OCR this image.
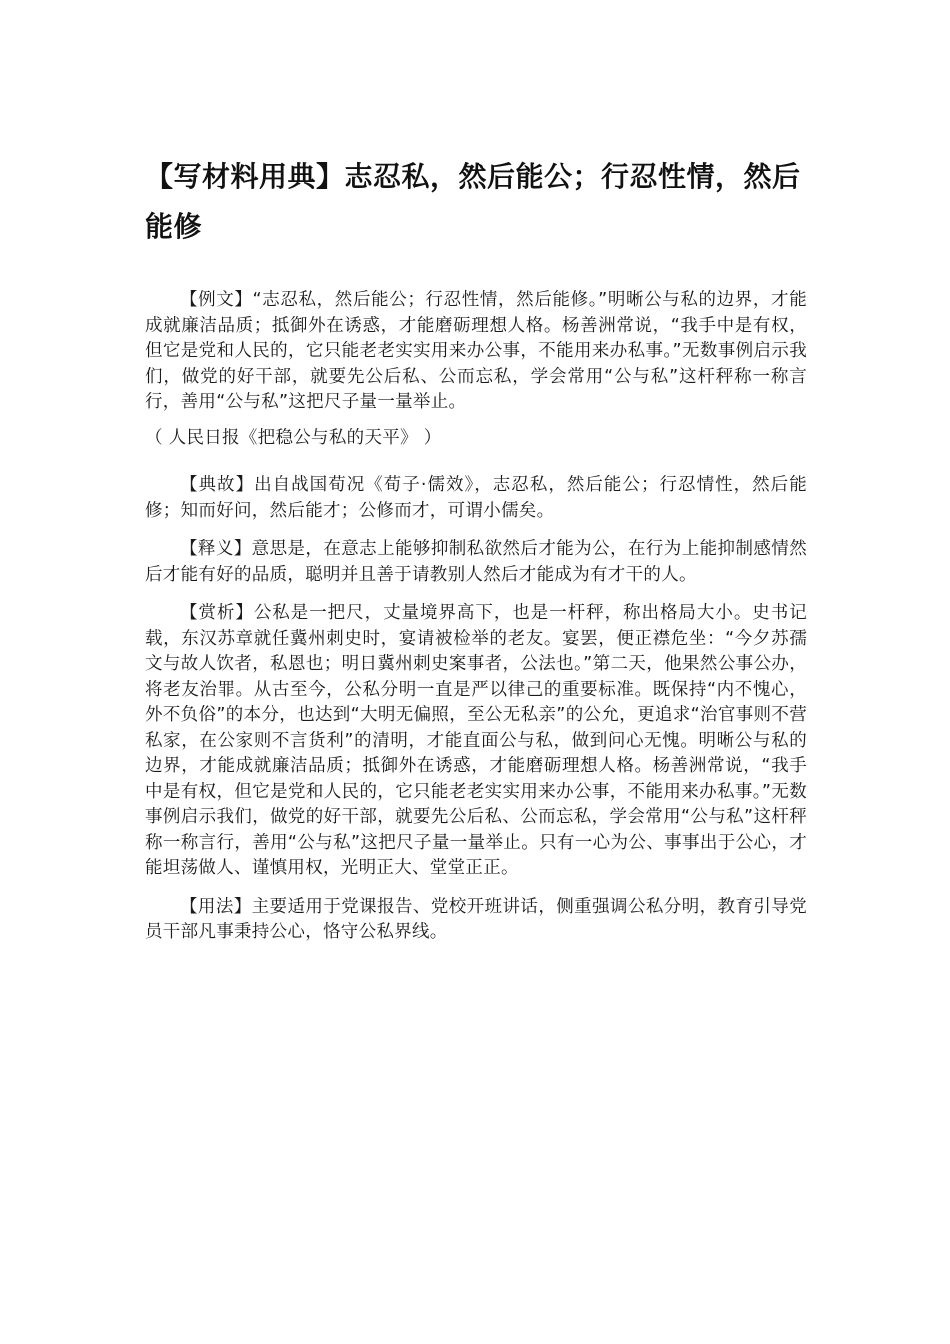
【写材料用典】志忍私，然后能公；行忍性情，然后能修

【例文】“志忍私，然后能公；行忍性情，然后能修。”明晰公与私的边界，才能成就廉洁品质；抵御外在诱惑，才能磨砺理想人格。杨善洲常说，“我手中是有权，但它是党和人民的，它只能老老实实用来办公事，不能用来办私事。”无数事例启示我们，做党的好干部，就要先公后私、公而忘私，学会常用“公与私”这杆秤称一称言行，善用“公与私”这把尺子量一量举止。

（ 人民日报《把稳公与私的天平》 ）

【典故】出自战国荀况《荀子·儒效》，志忍私，然后能公；行忍情性，然后能修；知而好问，然后能才；公修而才，可谓小儒矣。

【释义】意思是，在意志上能够抑制私欲然后才能为公，在行为上能抑制感情然后才能有好的品质，聪明并且善于请教别人然后才能成为有才干的人。

【赏析】公私是一把尺，丈量境界高下，也是一杆秤，称出格局大小。史书记载，东汉苏章就任冀州刺史时，宴请被检举的老友。宴罢，便正襟危坐：“今夕苏孺文与故人饮者，私恩也；明日冀州刺史案事者，公法也。”第二天，他果然公事公办，将老友治罪。从古至今，公私分明一直是严以律己的重要标准。既保持“内不愧心，外不负俗”的本分，也达到“大明无偏照，至公无私亲”的公允，更追求“治官事则不营私家，在公家则不言货利”的清明，才能直面公与私，做到问心无愧。明晰公与私的边界，才能成就廉洁品质；抵御外在诱惑，才能磨砺理想人格。杨善洲常说，“我手中是有权，但它是党和人民的，它只能老老实实用来办公事，不能用来办私事。”无数事例启示我们，做党的好干部，就要先公后私、公而忘私，学会常用“公与私”这杆秤称一称言行，善用“公与私”这把尺子量一量举止。只有一心为公、事事出于公心，才能坦荡做人、谨慎用权，光明正大、堂堂正正。

【用法】主要适用于党课报告、党校开班讲话，侧重强调公私分明，教育引导党员干部凡事秉持公心，恪守公私界线。
